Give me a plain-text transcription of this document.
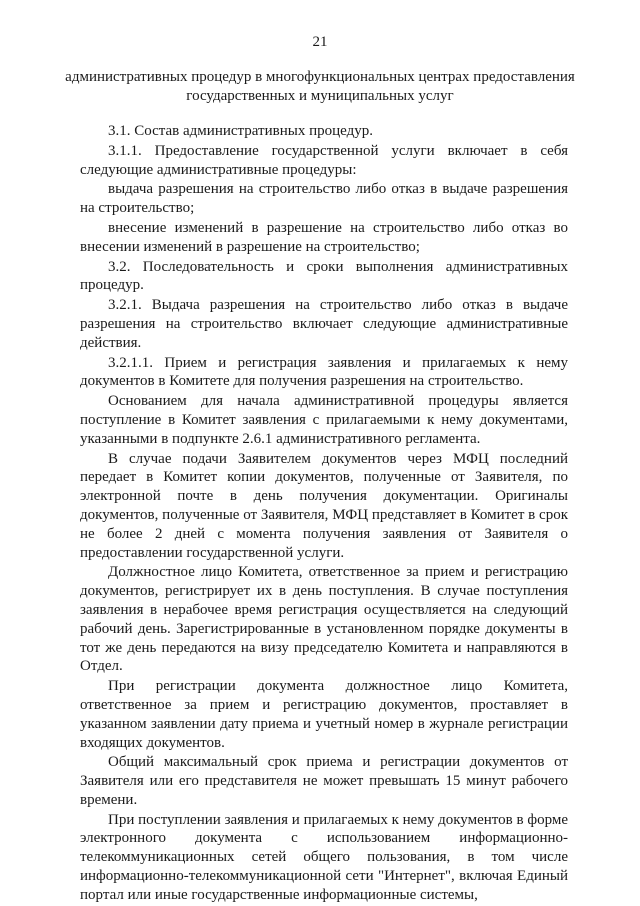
21
административных процедур в многофункциональных центрах предоставления государственных и муниципальных услуг

3.1. Состав административных процедур.

3.1.1. Предоставление государственной услуги включает в себя следующие административные процедуры:

выдача разрешения на строительство либо отказ в выдаче разрешения на строительство;

внесение изменений в разрешение на строительство либо отказ во внесении изменений в разрешение на строительство;

3.2. Последовательность и сроки выполнения административных процедур.

3.2.1. Выдача разрешения на строительство либо отказ в выдаче разрешения на строительство включает следующие административные действия.

3.2.1.1. Прием и регистрация заявления и прилагаемых к нему документов в Комитете для получения разрешения на строительство.

Основанием для начала административной процедуры является поступление в Комитет заявления с прилагаемыми к нему документами, указанными в подпункте 2.6.1 административного регламента.

В случае подачи Заявителем документов через МФЦ последний передает в Комитет копии документов, полученные от Заявителя, по электронной почте в день получения документации. Оригиналы документов, полученные от Заявителя, МФЦ представляет в Комитет в срок не более 2 дней с момента получения заявления от Заявителя о предоставлении государственной услуги.

Должностное лицо Комитета, ответственное за прием и регистрацию документов, регистрирует их в день поступления. В случае поступления заявления в нерабочее время регистрация осуществляется на следующий рабочий день. Зарегистрированные в установленном порядке документы в тот же день передаются на визу председателю Комитета и направляются в Отдел.

При регистрации документа должностное лицо Комитета, ответственное за прием и регистрацию документов, проставляет в указанном заявлении дату приема и учетный номер в журнале регистрации входящих документов.

Общий максимальный срок приема и регистрации документов от Заявителя или его представителя не может превышать 15 минут рабочего времени.

При поступлении заявления и прилагаемых к нему документов в форме электронного документа с использованием информационно-телекоммуникационных сетей общего пользования, в том числе информационно-телекоммуникационной сети "Интернет", включая Единый портал или иные государственные информационные системы,
